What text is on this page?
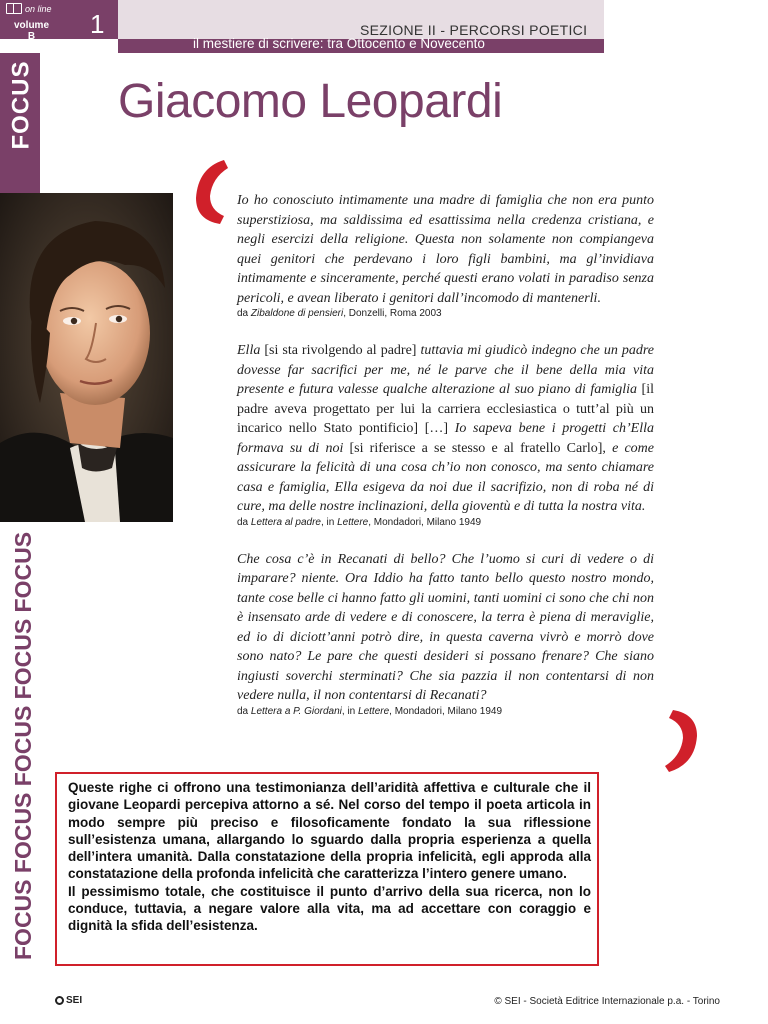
on line
volume
B	1	SEZIONE II - PERCORSI POETICI
il mestiere di scrivere: tra Ottocento e Novecento
FOCUS
FOCUS FOCUS FOCUS FOCUS FOCUS
Giacomo Leopardi

Io ho conosciuto intimamente una madre di famiglia che non era punto superstiziosa, ma saldissima ed esattissima nella credenza cristiana, e negli esercizi della religione. Questa non solamente non compiangeva quei genitori che perdevano i loro figli bambini, ma gl’invidiava intimamente e sinceramente, perché questi erano volati in paradiso senza pericoli, e avean liberato i genitori dall’incomodo di mantenerli.

da Zibaldone di pensieri, Donzelli, Roma 2003

Ella [si sta rivolgendo al padre] tuttavia mi giudicò indegno che un padre dovesse far sacrifici per me, né le parve che il bene della mia vita presente e futura valesse qualche alterazione al suo piano di famiglia [il padre aveva progettato per lui la carriera ecclesiastica o tutt’al più un incarico nello Stato pontificio] […] Io sapeva bene i progetti ch’Ella formava su di noi [si riferisce a se stesso e al fratello Carlo], e come assicurare la felicità di una cosa ch’io non conosco, ma sento chiamare casa e famiglia, Ella esigeva da noi due il sacrifizio, non di roba né di cure, ma delle nostre inclinazioni, della gioventù e di tutta la nostra vita.

da Lettera al padre, in Lettere, Mondadori, Milano 1949

Che cosa c’è in Recanati di bello? Che l’uomo si curi di vedere o di imparare? niente. Ora Iddio ha fatto tanto bello questo nostro mondo, tante cose belle ci hanno fatto gli uomini, tanti uomini ci sono che chi non è insensato arde di vedere e di conoscere, la terra è piena di meraviglie, ed io di diciott’anni potrò dire, in questa caverna vivrò e morrò dove sono nato? Le pare che questi desideri si possano frenare? Che siano ingiusti soverchi sterminati? Che sia pazzia il non contentarsi di non vedere nulla, il non contentarsi di Recanati?

da Lettera a P. Giordani, in Lettere, Mondadori, Milano 1949

Queste righe ci offrono una testimonianza dell’aridità affettiva e culturale che il giovane Leopardi percepiva attorno a sé. Nel corso del tempo il poeta articola in modo sempre più preciso e filosoficamente fondato la sua riflessione sull’esistenza umana, allargando lo sguardo dalla propria esperienza a quella dell’intera umanità. Dalla constatazione della propria infelicità, egli approda alla constatazione della profonda infelicità che caratterizza l’intero genere umano.

Il pessimismo totale, che costituisce il punto d’arrivo della sua ricerca, non lo conduce, tuttavia, a negare valore alla vita, ma ad accettare con coraggio e dignità la sfida dell’esistenza.

SEI	© SEI - Società Editrice Internazionale p.a. - Torino
